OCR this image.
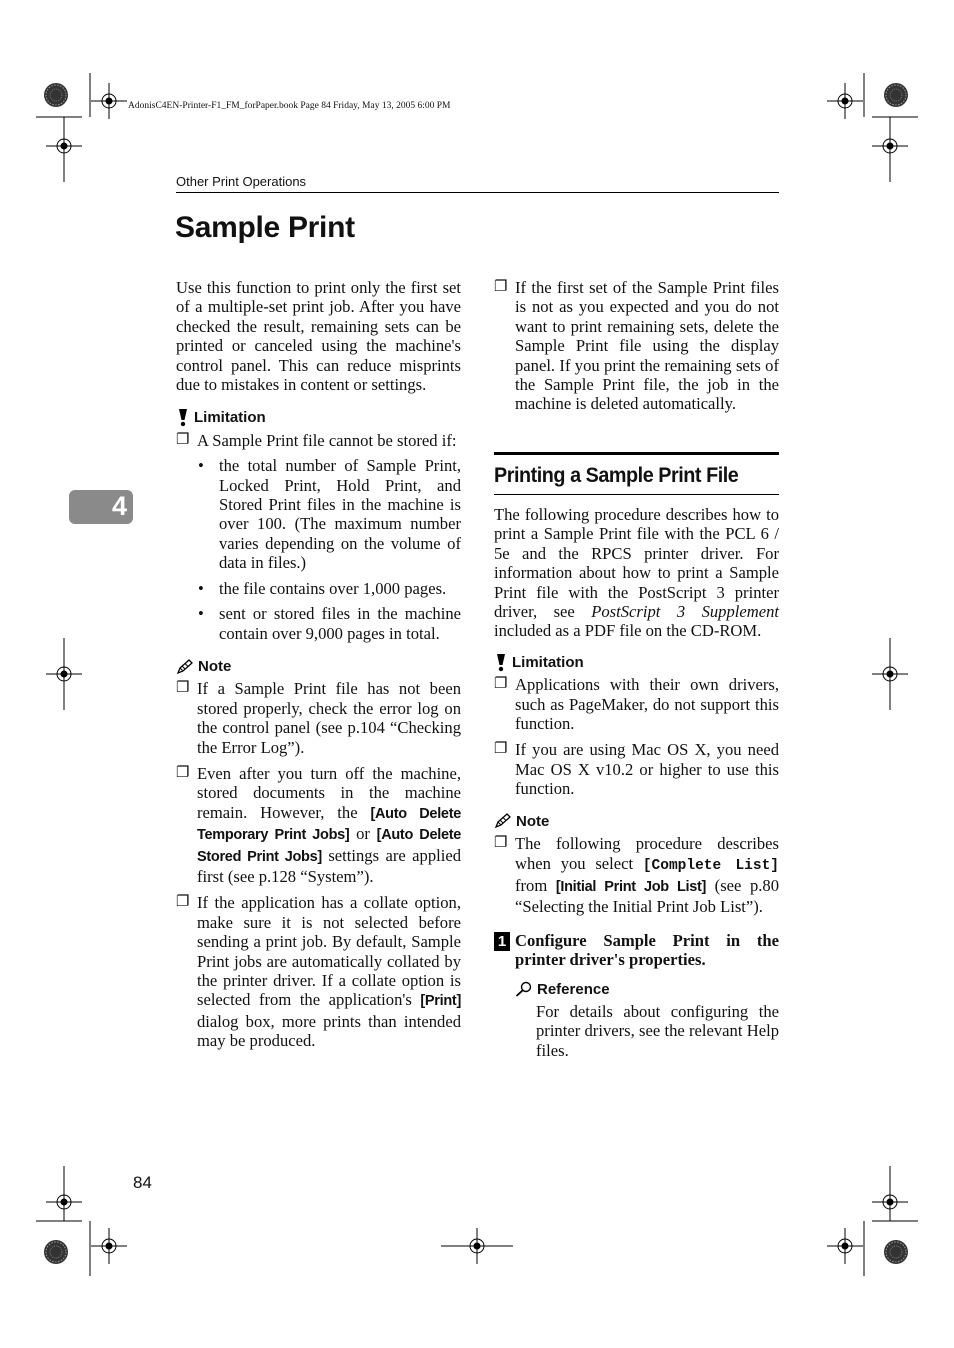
AdonisC4EN-Printer-F1_FM_forPaper.book Page 84 Friday, May 13, 2005 6:00 PM
Other Print Operations
Sample Print
4

Use this function to print only the first set of a multiple-set print job. After you have checked the result, remaining sets can be printed or canceled using the machine's control panel. This can reduce misprints due to mistakes in content or settings.

Limitation
❐ A Sample Print file cannot be stored if:
• the total number of Sample Print, Locked Print, Hold Print, and Stored Print files in the machine is over 100. (The maximum number varies depending on the volume of data in files.)
• the file contains over 1,000 pages.
• sent or stored files in the machine contain over 9,000 pages in total.
Note
❐ If a Sample Print file has not been stored properly, check the error log on the control panel (see p.104 “Checking the Error Log”).
❐ Even after you turn off the machine, stored documents in the machine remain. However, the [Auto Delete Temporary Print Jobs] or [Auto Delete Stored Print Jobs] settings are applied first (see p.128 “System”).
❐ If the application has a collate option, make sure it is not selected before sending a print job. By default, Sample Print jobs are automatically collated by the printer driver. If a collate option is selected from the application's [Print] dialog box, more prints than intended may be produced.
❐ If the first set of the Sample Print files is not as you expected and you do not want to print remaining sets, delete the Sample Print file using the display panel. If you print the remaining sets of the Sample Print file, the job in the machine is deleted automatically.
Printing a Sample Print File

The following procedure describes how to print a Sample Print file with the PCL 6 / 5e and the RPCS printer driver. For information about how to print a Sample Print file with the PostScript 3 printer driver, see PostScript 3 Supplement included as a PDF file on the CD-ROM.

Limitation
❐ Applications with their own drivers, such as PageMaker, do not support this function.
❐ If you are using Mac OS X, you need Mac OS X v10.2 or higher to use this function.
Note
❐ The following procedure describes when you select [Complete List] from [Initial Print Job List] (see p.80 “Selecting the Initial Print Job List”).
1 Configure Sample Print in the printer driver's properties.
Reference

For details about configuring the printer drivers, see the relevant Help files.

84
